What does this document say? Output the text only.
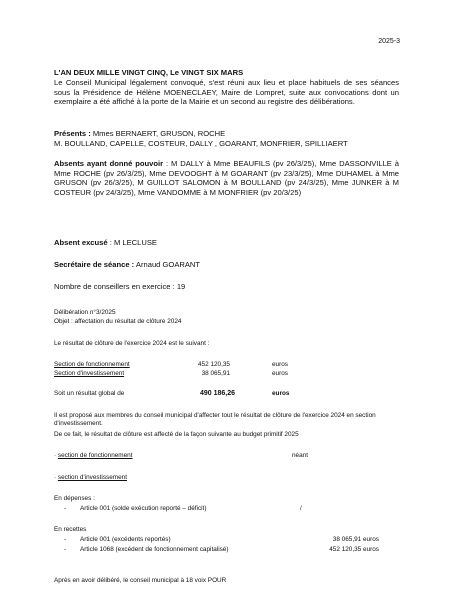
2025-3
L'AN DEUX MILLE VINGT CINQ, Le VINGT SIX MARS
Le Conseil Municipal légalement convoqué, s'est réuni aux lieu et place habituels de ses séances sous la Présidence de Hélène MOENECLAEY, Maire de Lompret, suite aux convocations dont un exemplaire a été affiché à la porte de la Mairie et un second au registre des délibérations.
Présents : Mmes BERNAERT, GRUSON, ROCHE
M. BOULLAND, CAPELLE, COSTEUR, DALLY , GOARANT, MONFRIER, SPILLIAERT
Absents ayant donné pouvoir : M DALLY à Mme BEAUFILS (pv 26/3/25), Mme DASSONVILLE à Mme ROCHE (pv 26/3/25), Mme DEVOOGHT à M GOARANT (pv 23/3/25), Mme DUHAMEL à Mme GRUSON (pv 26/3/25), M GUILLOT SALOMON à M BOULLAND (pv 24/3/25), Mme JUNKER à M COSTEUR (pv 24/3/25), Mme VANDOMME à M MONFRIER (pv 20/3/25)
Absent excusé : M LECLUSE
Secrétaire de séance : Arnaud GOARANT
Nombre de conseillers en exercice : 19
Délibération n°3/2025
Objet : affectation du résultat de clôture 2024
Le résultat de clôture de l'exercice 2024 est le suivant :
Section de fonctionnement	452 120,35	euros
Section d'investissement	38 065,91	euros
Soit un résultat global de	490 186,26	euros
Il est proposé aux membres du conseil municipal d'affecter tout le résultat de clôture de l'exercice 2024 en section d'investissement.
De ce fait, le résultat de clôture est affecté de la façon suivante au budget primitif 2025
· section de fonctionnement	néant
· section d'investissement
En dépenses :
- Article 001 (solde exécution reporté – déficit)	/
En recettes
- Article 001 (excédents reportés)	38 065,91 euros
- Article 1068 (excédent de fonctionnement capitalisé)	452 120,35 euros
Après en avoir délibéré, le conseil municipal à 18 voix POUR
